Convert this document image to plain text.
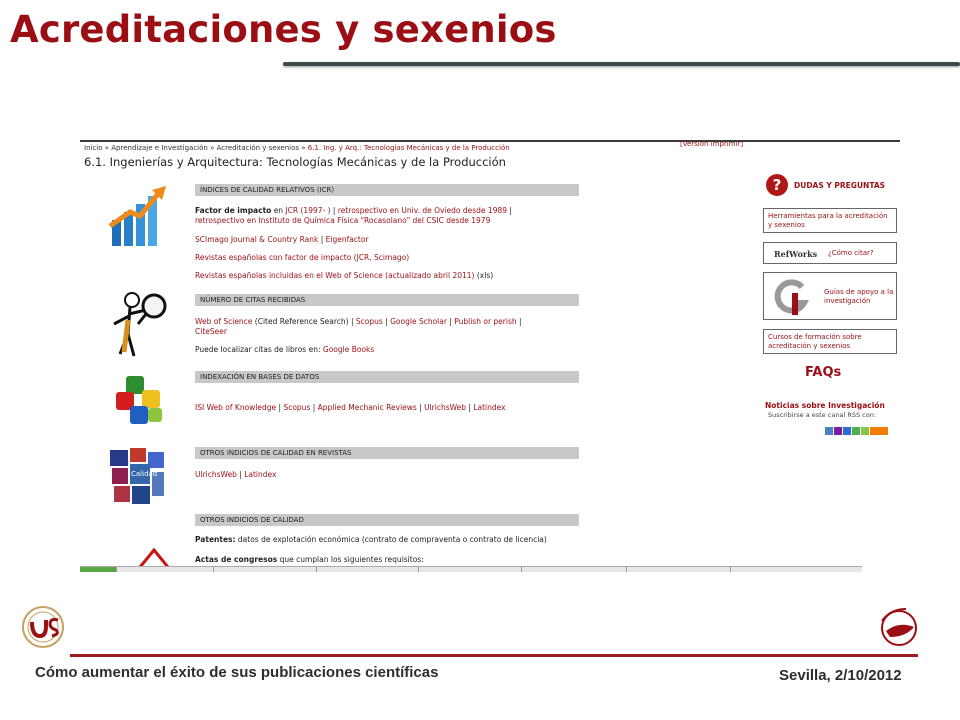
Acreditaciones y sexenios
Inicio » Aprendizaje e Investigación » Acreditación y sexenios » 6.1. Ing. y Arq.: Tecnologías Mecánicas y de la Producción	[Versión imprimir]
6.1. Ingenierías y Arquitectura: Tecnologías Mecánicas y de la Producción
Calidad
ÍNDICES DE CALIDAD RELATIVOS (ICR)
Factor de impacto en JCR (1997- ) | retrospectivo en Univ. de Oviedo desde 1989 |
retrospectivo en Instituto de Química Física "Rocasolano" del CSIC desde 1979
SCImago Journal & Country Rank | Eigenfactor
Revistas españolas con factor de impacto (JCR, Scimago)
Revistas españolas incluidas en el Web of Science (actualizado abril 2011) (xls)
NÚMERO DE CITAS RECIBIDAS
Web of Science (Cited Reference Search) | Scopus | Google Scholar | Publish or perish |
CiteSeer
Puede localizar citas de libros en: Google Books
INDEXACIÓN EN BASES DE DATOS
ISI Web of Knowledge | Scopus | Applied Mechanic Reviews | UlrichsWeb | Latindex
OTROS INDICIOS DE CALIDAD EN REVISTAS
UlrichsWeb | Latindex
OTROS INDICIOS DE CALIDAD
Patentes: datos de explotación económica (contrato de compraventa o contrato de licencia)
Actas de congresos que cumplan los siguientes requisitos:
?	DUDAS Y PREGUNTAS
Herramientas para la acreditación y sexenios
RefWorks ¿Cómo citar?
Guías de apoyo a la investigación
Cursos de formación sobre acreditación y sexenios
FAQs
Noticias sobre Investigación
Suscribirse a este canal RSS con:
Cómo aumentar el éxito de sus publicaciones científicas	Sevilla, 2/10/2012
